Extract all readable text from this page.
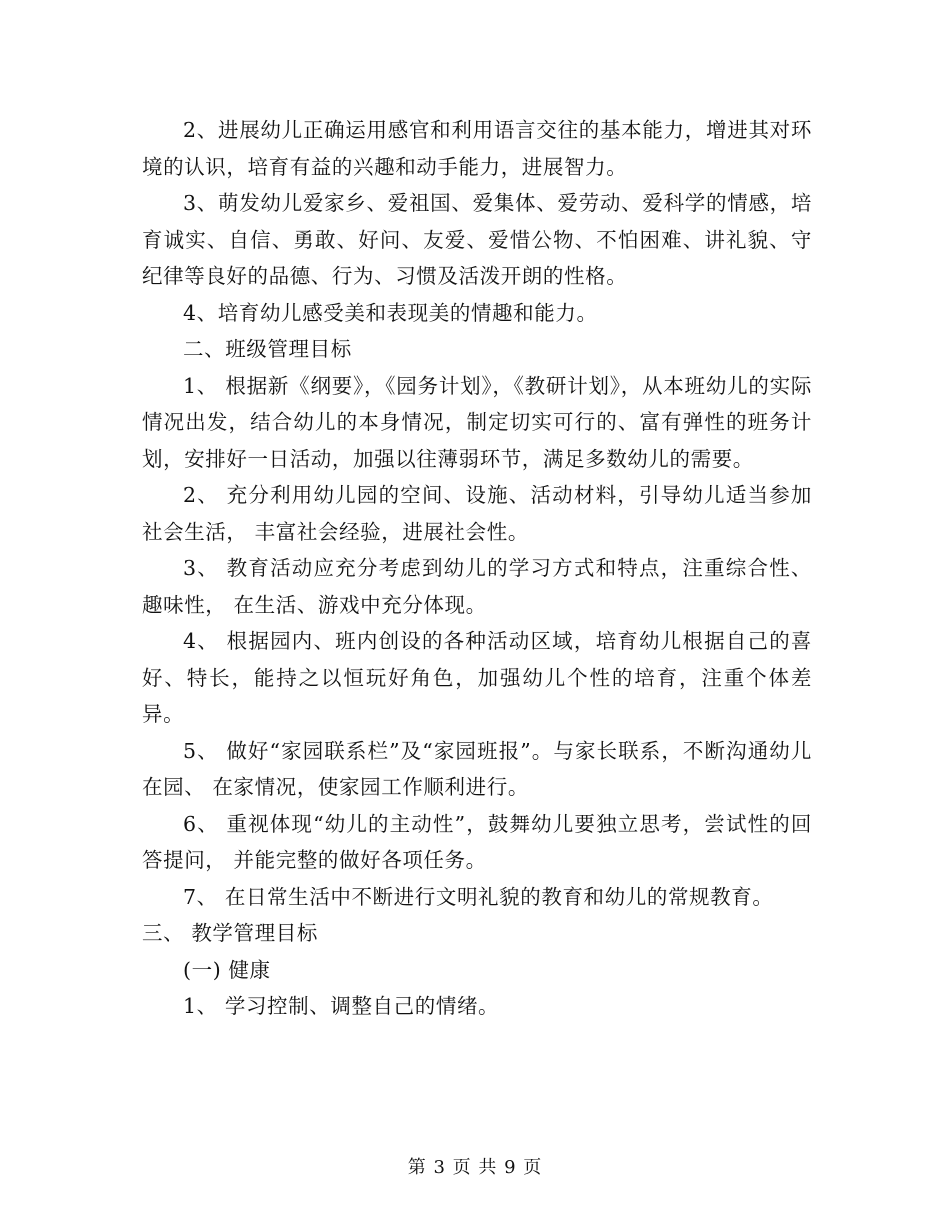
2、进展幼儿正确运用感官和利用语言交往的基本能力，增进其对环境的认识，培育有益的兴趣和动手能力，进展智力。

3、萌发幼儿爱家乡、爱祖国、爱集体、爱劳动、爱科学的情感，培育诚实、自信、勇敢、好问、友爱、爱惜公物、不怕困难、讲礼貌、守纪律等良好的品德、行为、习惯及活泼开朗的性格。

4、培育幼儿感受美和表现美的情趣和能力。

二、班级管理目标

1、 根据新《纲要》，《园务计划》，《教研计划》，从本班幼儿的实际情况出发，结合幼儿的本身情况，制定切实可行的、富有弹性的班务计划，安排好一日活动，加强以往薄弱环节，满足多数幼儿的需要。

2、 充分利用幼儿园的空间、设施、活动材料，引导幼儿适当参加社会生活， 丰富社会经验，进展社会性。

3、 教育活动应充分考虑到幼儿的学习方式和特点，注重综合性、趣味性， 在生活、游戏中充分体现。

4、 根据园内、班内创设的各种活动区域，培育幼儿根据自己的喜好、特长，能持之以恒玩好角色，加强幼儿个性的培育，注重个体差异。

5、 做好“家园联系栏”及“家园班报”。与家长联系，不断沟通幼儿在园、 在家情况，使家园工作顺利进行。

6、 重视体现“幼儿的主动性”，鼓舞幼儿要独立思考，尝试性的回答提问， 并能完整的做好各项任务。

7、 在日常生活中不断进行文明礼貌的教育和幼儿的常规教育。

三、 教学管理目标

(一) 健康

1、 学习控制、调整自己的情绪。

第 3 页 共 9 页
